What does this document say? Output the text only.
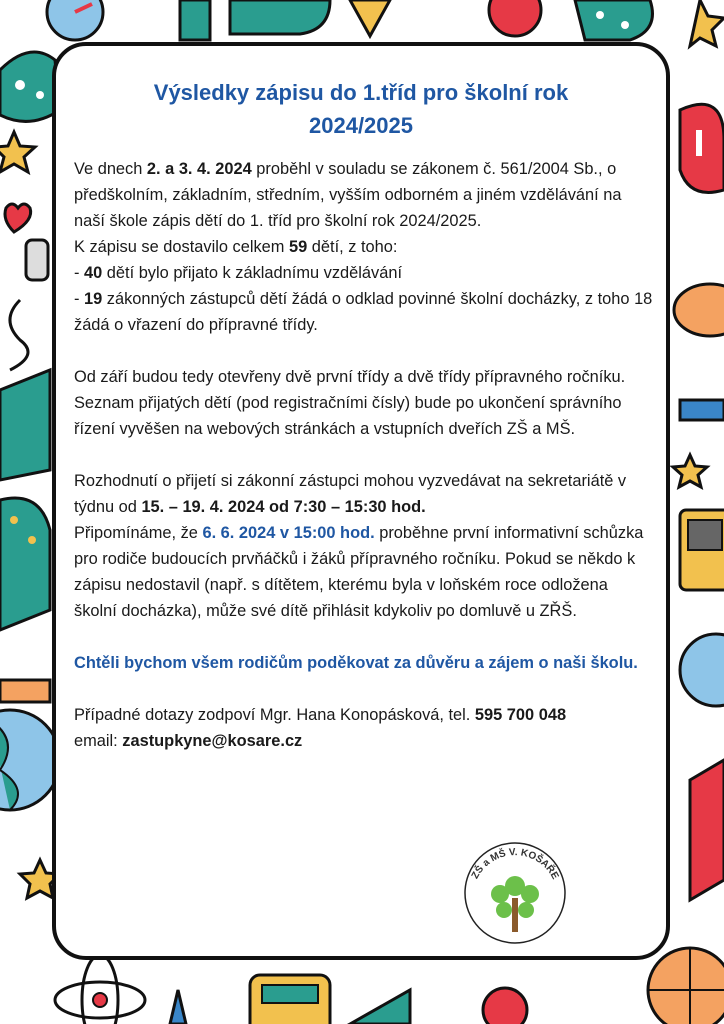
Výsledky zápisu do 1.tříd pro školní rok
2024/2025

Ve dnech 2. a 3. 4. 2024 proběhl v souladu se zákonem č. 561/2004 Sb., o předškolním, základním, středním, vyšším odborném a jiném vzdělávání na naší škole zápis dětí do 1. tříd pro školní rok 2024/2025.

K zápisu se dostavilo celkem 59 dětí, z toho:

- 40 dětí bylo přijato k základnímu vzdělávání

- 19 zákonných zástupců dětí žádá o odklad povinné školní docházky, z toho 18 žádá o vřazení do přípravné třídy.

Od září budou tedy otevřeny dvě první třídy a dvě třídy přípravného ročníku. Seznam přijatých dětí (pod registračními čísly) bude po ukončení správního řízení vyvěšen na webových stránkách a vstupních dveřích ZŠ a MŠ.

Rozhodnutí o přijetí si zákonní zástupci mohou vyzvedávat na sekretariátě v týdnu od 15. – 19. 4. 2024 od 7:30 – 15:30 hod.

Připomínáme, že 6. 6. 2024 v 15:00 hod. proběhne první informativní schůzka pro rodiče budoucích prvňáčků i žáků přípravného ročníku. Pokud se někdo k zápisu nedostavil (např. s dítětem, kterému byla v loňském roce odložena školní docházka), může své dítě přihlásit kdykoliv po domluvě u ZŘŠ.

Chtěli bychom všem rodičům poděkovat za důvěru a zájem o naši školu.

Případné dotazy zodpoví Mgr. Hana Konopásková, tel. 595 700 048

email: zastupkyne@kosare.cz

ZŠ a MŠ V. KOŠAŘE
